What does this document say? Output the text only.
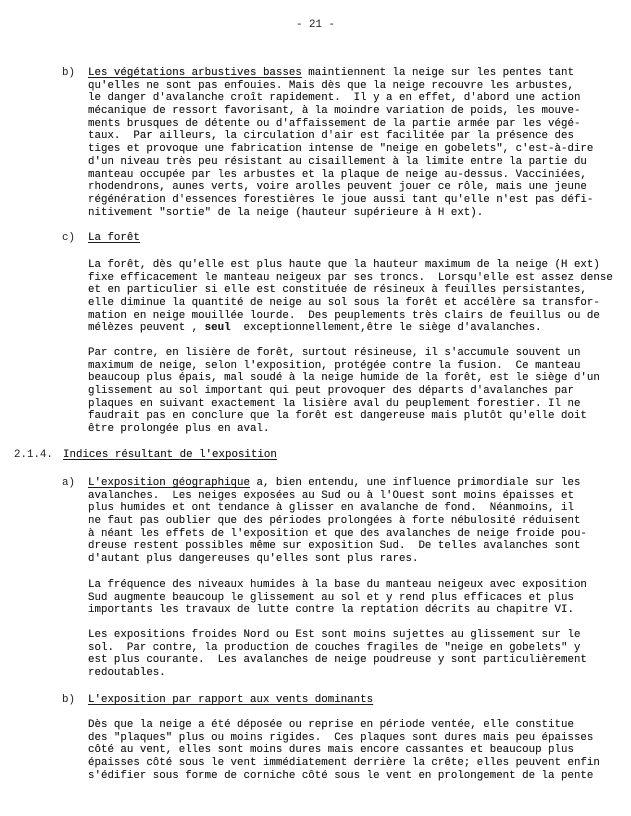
- 21 -
b) Les végétations arbustives basses maintiennent la neige sur les pentes tant
qu'elles ne sont pas enfouies. Mais dès que la neige recouvre les arbustes,
le danger d'avalanche croît rapidement.  Il y a en effet, d'abord une action
mécanique de ressort favorisant, à la moindre variation de poids, les mouve-
ments brusques de détente ou d'affaissement de la partie armée par les végé-
taux.  Par ailleurs, la circulation d'air est facilitée par la présence des
tiges et provoque une fabrication intense de "neige en gobelets", c'est-à-dire
d'un niveau très peu résistant au cisaillement à la limite entre la partie du
manteau occupée par les arbustes et la plaque de neige au-dessus. Vacciniées,
rhodendrons, aunes verts, voire arolles peuvent jouer ce rôle, mais une jeune
régénération d'essences forestières le joue aussi tant qu'elle n'est pas défi-
nitivement "sortie" de la neige (hauteur supérieure à H ext).
c) La forêt
La forêt, dès qu'elle est plus haute que la hauteur maximum de la neige (H ext)
fixe efficacement le manteau neigeux par ses troncs.  Lorsqu'elle est assez dense
et en particulier si elle est constituée de résineux à feuilles persistantes,
elle diminue la quantité de neige au sol sous la forêt et accélère sa transfor-
mation en neige mouillée lourde.  Des peuplements très clairs de feuillus ou de
mélèzes peuvent , seul  exceptionnellement,être le siège d'avalanches.
Par contre, en lisière de forêt, surtout résineuse, il s'accumule souvent un
maximum de neige, selon l'exposition, protégée contre la fusion.  Ce manteau
beaucoup plus épais, mal soudé à la neige humide de la forêt, est le siège d'un
glissement au sol important qui peut provoquer des départs d'avalanches par
plaques en suivant exactement la lisière aval du peuplement forestier. Il ne
faudrait pas en conclure que la forêt est dangereuse mais plutôt qu'elle doit
être prolongée plus en aval.
2.1.4. Indices résultant de l'exposition
a) L'exposition géographique a, bien entendu, une influence primordiale sur les
avalanches.  Les neiges exposées au Sud ou à l'Ouest sont moins épaisses et
plus humides et ont tendance à glisser en avalanche de fond.  Néanmoins, il
ne faut pas oublier que des périodes prolongées à forte nébulosité réduisent
à néant les effets de l'exposition et que des avalanches de neige froide pou-
dreuse restent possibles même sur exposition Sud.  De telles avalanches sont
d'autant plus dangereuses qu'elles sont plus rares.
La fréquence des niveaux humides à la base du manteau neigeux avec exposition
Sud augmente beaucoup le glissement au sol et y rend plus efficaces et plus
importants les travaux de lutte contre la reptation décrits au chapitre VI.
Les expositions froides Nord ou Est sont moins sujettes au glissement sur le
sol.  Par contre, la production de couches fragiles de "neige en gobelets" y
est plus courante.  Les avalanches de neige poudreuse y sont particulièrement
redoutables.
b) L'exposition par rapport aux vents dominants
Dès que la neige a été déposée ou reprise en période ventée, elle constitue
des "plaques" plus ou moins rigides.  Ces plaques sont dures mais peu épaisses
côté au vent, elles sont moins dures mais encore cassantes et beaucoup plus
épaisses côté sous le vent immédiatement derrière la crête; elles peuvent enfin
s'édifier sous forme de corniche côté sous le vent en prolongement de la pente
